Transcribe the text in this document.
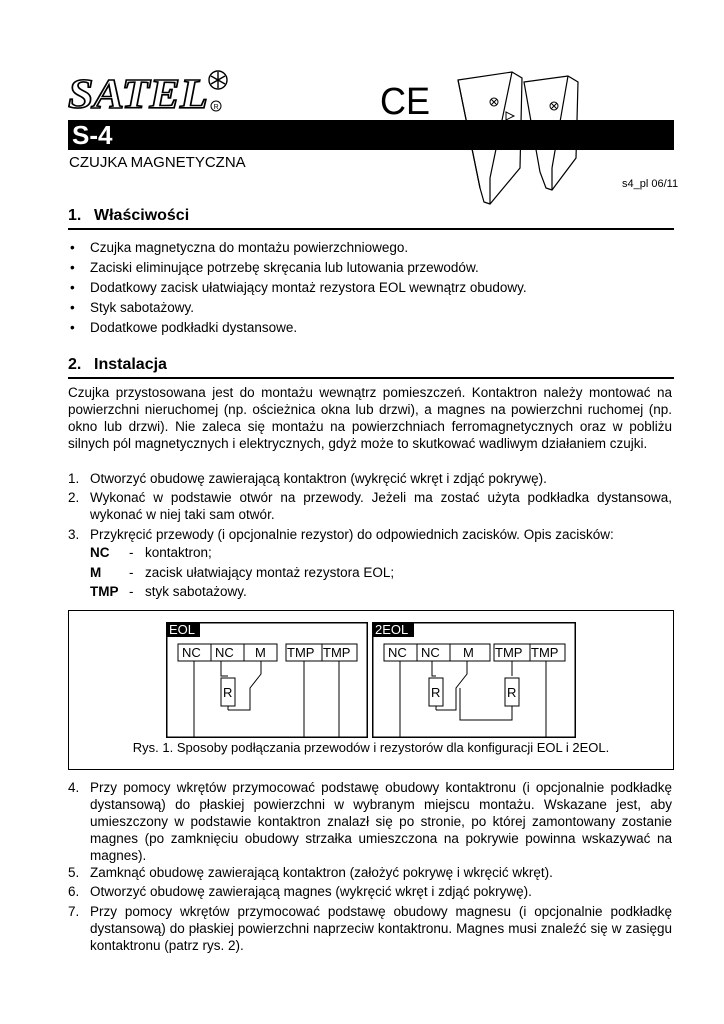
SATEL R	CE
S-4
CZUJKA MAGNETYCZNA
s4_pl 06/11
1. Właściwości
• Czujka magnetyczna do montażu powierzchniowego.
• Zaciski eliminujące potrzebę skręcania lub lutowania przewodów.
• Dodatkowy zacisk ułatwiający montaż rezystora EOL wewnątrz obudowy.
• Styk sabotażowy.
• Dodatkowe podkładki dystansowe.
2. Instalacja

Czujka przystosowana jest do montażu wewnątrz pomieszczeń. Kontaktron należy montować na powierzchni nieruchomej (np. ościeżnica okna lub drzwi), a magnes na powierzchni ruchomej (np. okno lub drzwi). Nie zaleca się montażu na powierzchniach ferromagnetycznych oraz w pobliżu silnych pól magnetycznych i elektrycznych, gdyż może to skutkować wadliwym działaniem czujki.

1. Otworzyć obudowę zawierającą kontaktron (wykręcić wkręt i zdjąć pokrywę).
2. Wykonać w podstawie otwór na przewody. Jeżeli ma zostać użyta podkładka dystansowa, wykonać w niej taki sam otwór.
3. Przykręcić przewody (i opcjonalnie rezystor) do odpowiednich zacisków. Opis zacisków:
NC - kontaktron;
M - zacisk ułatwiający montaż rezystora EOL;
TMP - styk sabotażowy.
EOL
NC NC M TMP TMP
R
2EOL
NC NC M TMP TMP
R	R
Rys. 1. Sposoby podłączania przewodów i rezystorów dla konfiguracji EOL i 2EOL.
4. Przy pomocy wkrętów przymocować podstawę obudowy kontaktronu (i opcjonalnie podkładkę dystansową) do płaskiej powierzchni w wybranym miejscu montażu. Wskazane jest, aby umieszczony w podstawie kontaktron znalazł się po stronie, po której zamontowany zostanie magnes (po zamknięciu obudowy strzałka umieszczona na pokrywie powinna wskazywać na magnes).
5. Zamknąć obudowę zawierającą kontaktron (założyć pokrywę i wkręcić wkręt).
6. Otworzyć obudowę zawierającą magnes (wykręcić wkręt i zdjąć pokrywę).
7. Przy pomocy wkrętów przymocować podstawę obudowy magnesu (i opcjonalnie podkładkę dystansową) do płaskiej powierzchni naprzeciw kontaktronu. Magnes musi znaleźć się w zasięgu kontaktronu (patrz rys. 2).
